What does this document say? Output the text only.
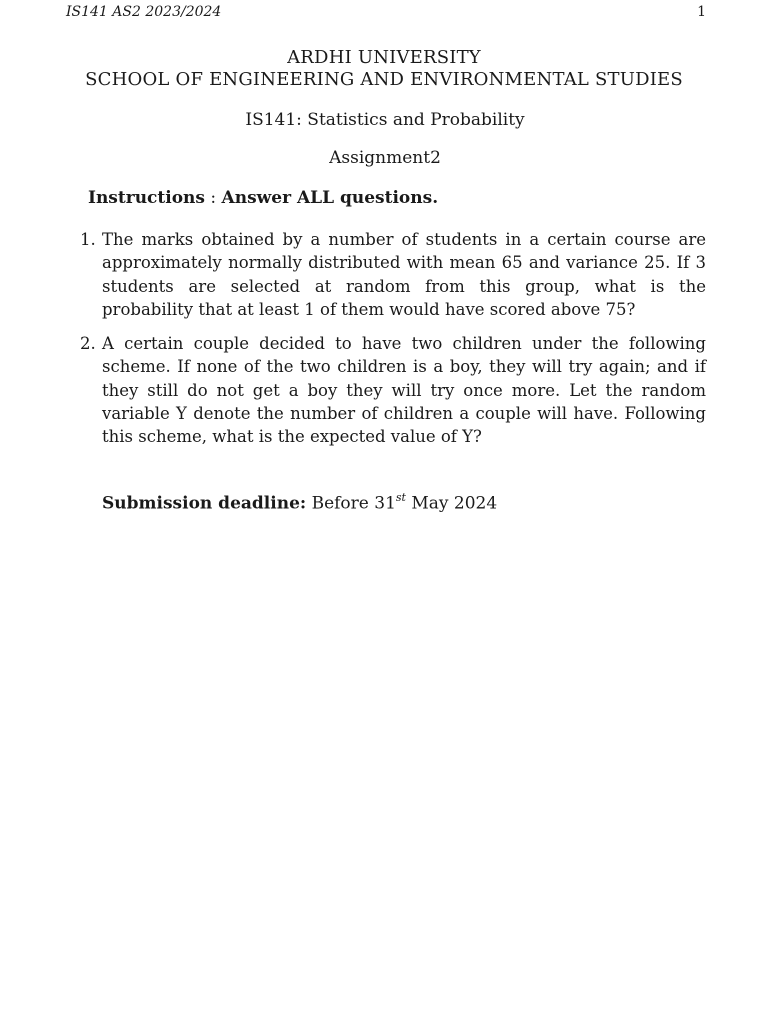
IS141 AS2 2023/2024	1
ARDHI UNIVERSITY
SCHOOL OF ENGINEERING AND ENVIRONMENTAL STUDIES
IS141: Statistics and Probability
Assignment2
Instructions : Answer ALL questions.
1. The marks obtained by a number of students in a certain course are approximately normally distributed with mean 65 and variance 25. If 3 students are selected at random from this group, what is the probability that at least 1 of them would have scored above 75?
2. A certain couple decided to have two children under the following scheme. If none of the two children is a boy, they will try again; and if they still do not get a boy they will try once more. Let the random variable Y denote the number of children a couple will have. Following this scheme, what is the expected value of Y?
Submission deadline: Before 31st May 2024
